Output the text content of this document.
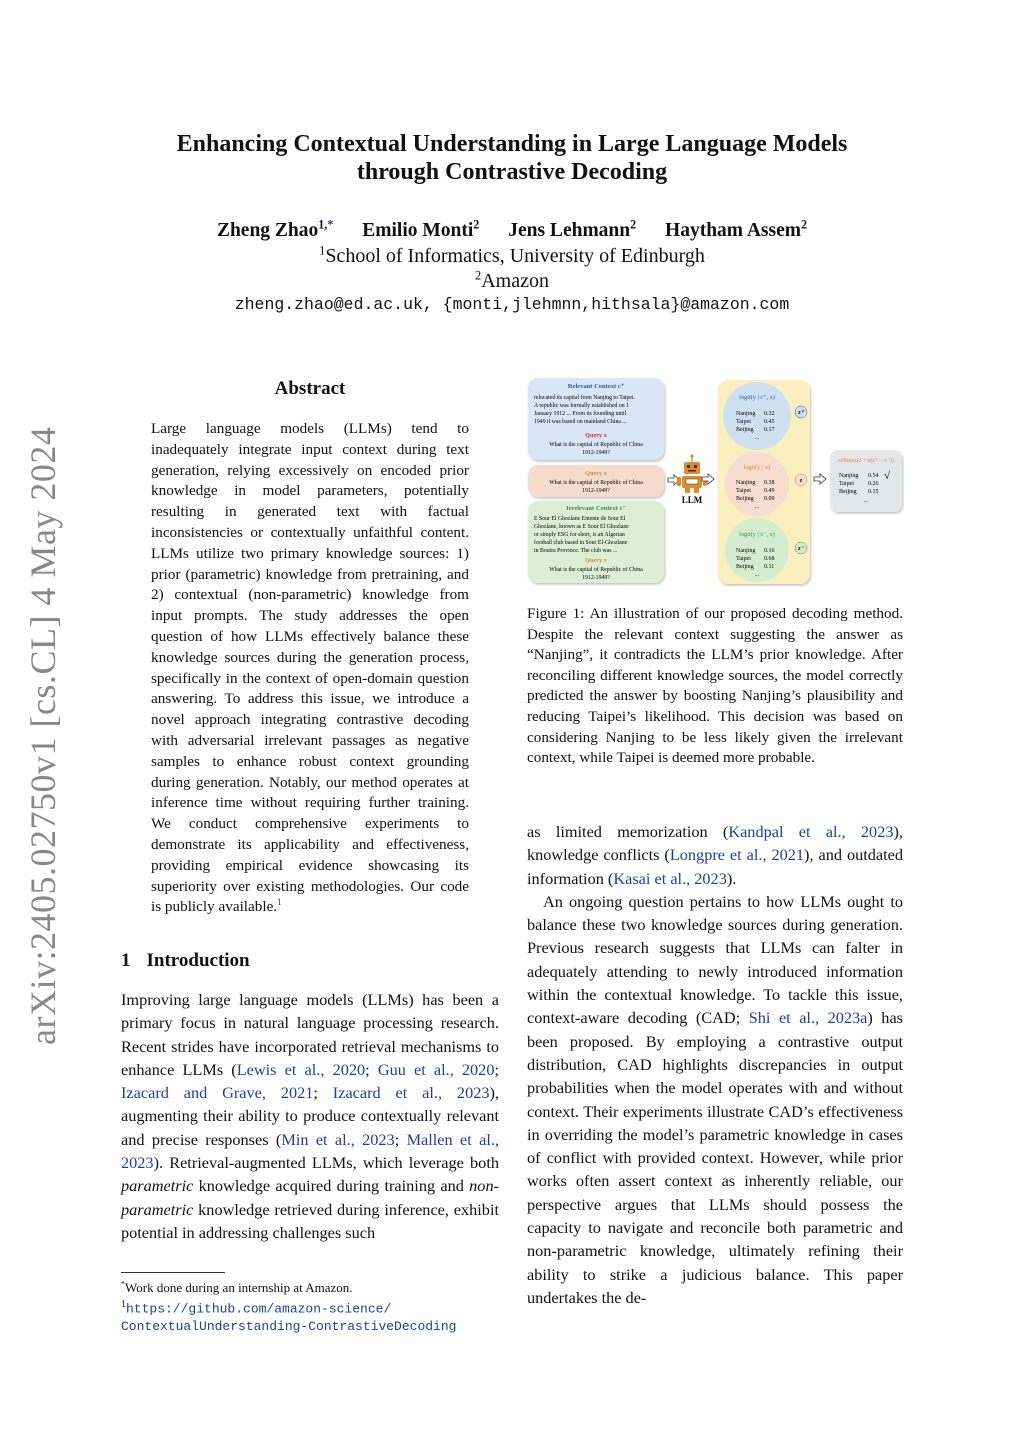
arXiv:2405.02750v1 [cs.CL] 4 May 2024
Enhancing Contextual Understanding in Large Language Models
through Contrastive Decoding
Zheng Zhao$^{1,*}$ Emilio Monti$^2$ Jens Lehmann$^2$ Haytham Assem$^2$
$^1$School of Informatics, University of Edinburgh
$^2$Amazon
zheng.zhao@ed.ac.uk, {monti,jlehmnn,hithsala}@amazon.com
Abstract
Large language models (LLMs) tend to inadequately integrate input context during text generation, relying excessively on encoded prior knowledge in model parameters, potentially resulting in generated text with factual inconsistencies or contextually unfaithful content. LLMs utilize two primary knowledge sources: 1) prior (parametric) knowledge from pretraining, and 2) contextual (non-parametric) knowledge from input prompts. The study addresses the open question of how LLMs effectively balance these knowledge sources during the generation process, specifically in the context of open-domain question answering. To address this issue, we introduce a novel approach integrating contrastive decoding with adversarial irrelevant passages as negative samples to enhance robust context grounding during generation. Notably, our method operates at inference time without requiring further training. We conduct comprehensive experiments to demonstrate its applicability and effectiveness, providing empirical evidence showcasing its superiority over existing methodologies. Our code is publicly available.$^1$
1 Introduction
Improving large language models (LLMs) has been a primary focus in natural language processing research. Recent strides have incorporated retrieval mechanisms to enhance LLMs (Lewis et al., 2020; Guu et al., 2020; Izacard and Grave, 2021; Izacard et al., 2023), augmenting their ability to produce contextually relevant and precise responses (Min et al., 2023; Mallen et al., 2023). Retrieval-augmented LLMs, which leverage both parametric knowledge acquired during training and non-parametric knowledge retrieved during inference, exhibit potential in addressing challenges such
*Work done during an internship at Amazon.
$^1$https://github.com/amazon-science/
ContextualUnderstanding-ContrastiveDecoding
Relevant Context c⁺
relocated its capital from Nanjing to Taipei.
A republic was formally established on 1
January 1912 ... From its founding until
1949 it was based on mainland China ...
Query x
What is the capital of Republic of China
1912-1949?
Query x
What is the capital of Republic of China
1912-1949?
Irrelevant Context c⁻
E Sour El Ghozlane Entente de Sour El
Ghozlane, known as E Sour El Ghozlane
or simply ESG for short, is an Algerian
football club based in Sour El-Ghozlane
in Bouira Province. The club was ...
Query x
What is the capital of Republic of China
1912-1949?
LLM
logit(y | c⁺, x)
Nanjing 0.32
Taipei 0.45
Beijing 0.17
...
z⁺
logit(y | x)
Nanjing 0.38
Taipei 0.49
Beijing 0.09
...
z
logit(y | c⁻, x)
Nanjing 0.16
Taipei 0.68
Beijing 0.11
...
z⁻
softmax(z + α(z⁺ − z⁻))
Nanjing 0.54 √
Taipei 0.26
Beijing 0.15
...
Figure 1: An illustration of our proposed decoding method. Despite the relevant context suggesting the answer as “Nanjing”, it contradicts the LLM’s prior knowledge. After reconciling different knowledge sources, the model correctly predicted the answer by boosting Nanjing’s plausibility and reducing Taipei’s likelihood. This decision was based on considering Nanjing to be less likely given the irrelevant context, while Taipei is deemed more probable.

as limited memorization (Kandpal et al., 2023), knowledge conflicts (Longpre et al., 2021), and outdated information (Kasai et al., 2023).

An ongoing question pertains to how LLMs ought to balance these two knowledge sources during generation. Previous research suggests that LLMs can falter in adequately attending to newly introduced information within the contextual knowledge. To tackle this issue, context-aware decoding (CAD; Shi et al., 2023a) has been proposed. By employing a contrastive output distribution, CAD highlights discrepancies in output probabilities when the model operates with and without context. Their experiments illustrate CAD’s effectiveness in overriding the model’s parametric knowledge in cases of conflict with provided context. However, while prior works often assert context as inherently reliable, our perspective argues that LLMs should possess the capacity to navigate and reconcile both parametric and non-parametric knowledge, ultimately refining their ability to strike a judicious balance. This paper undertakes the de-
